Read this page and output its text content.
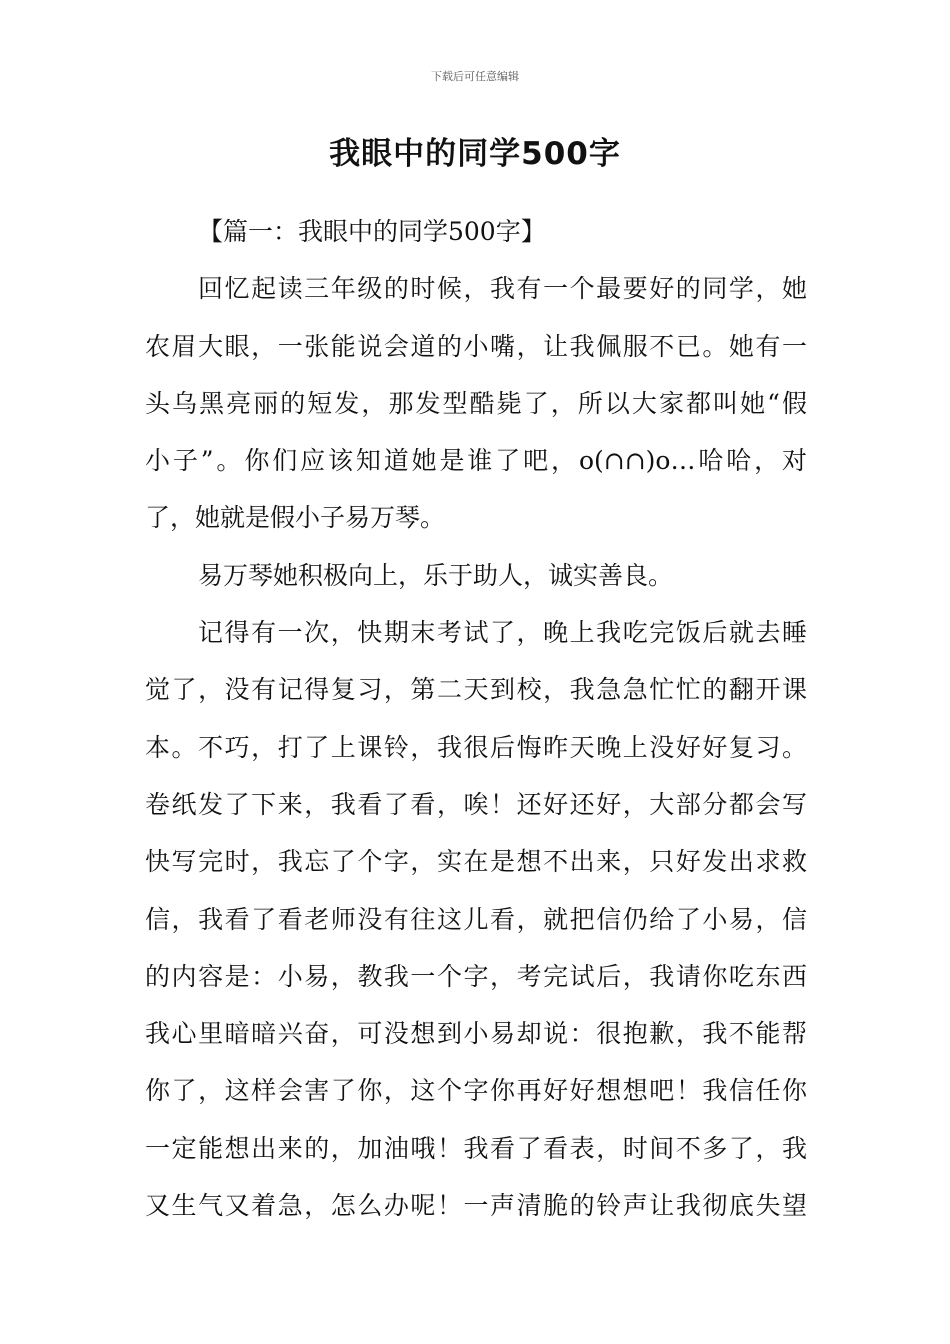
下载后可任意编辑
我眼中的同学500字
【篇一：我眼中的同学500字】
回忆起读三年级的时候，我有一个最要好的同学，她
农眉大眼，一张能说会道的小嘴，让我佩服不已。她有一
头乌黑亮丽的短发，那发型酷毙了，所以大家都叫她“假
小子”。你们应该知道她是谁了吧，o(∩∩)o…哈哈，对
了，她就是假小子易万琴。
易万琴她积极向上，乐于助人，诚实善良。
记得有一次，快期末考试了，晚上我吃完饭后就去睡
觉了，没有记得复习，第二天到校，我急急忙忙的翻开课
本。不巧，打了上课铃，我很后悔昨天晚上没好好复习。
卷纸发了下来，我看了看，唉！还好还好，大部分都会写
快写完时，我忘了个字，实在是想不出来，只好发出求救
信，我看了看老师没有往这儿看，就把信仍给了小易，信
的内容是：小易，教我一个字，考完试后，我请你吃东西
我心里暗暗兴奋，可没想到小易却说：很抱歉，我不能帮
你了，这样会害了你，这个字你再好好想想吧！我信任你
一定能想出来的，加油哦！我看了看表，时间不多了，我
又生气又着急，怎么办呢！一声清脆的铃声让我彻底失望
